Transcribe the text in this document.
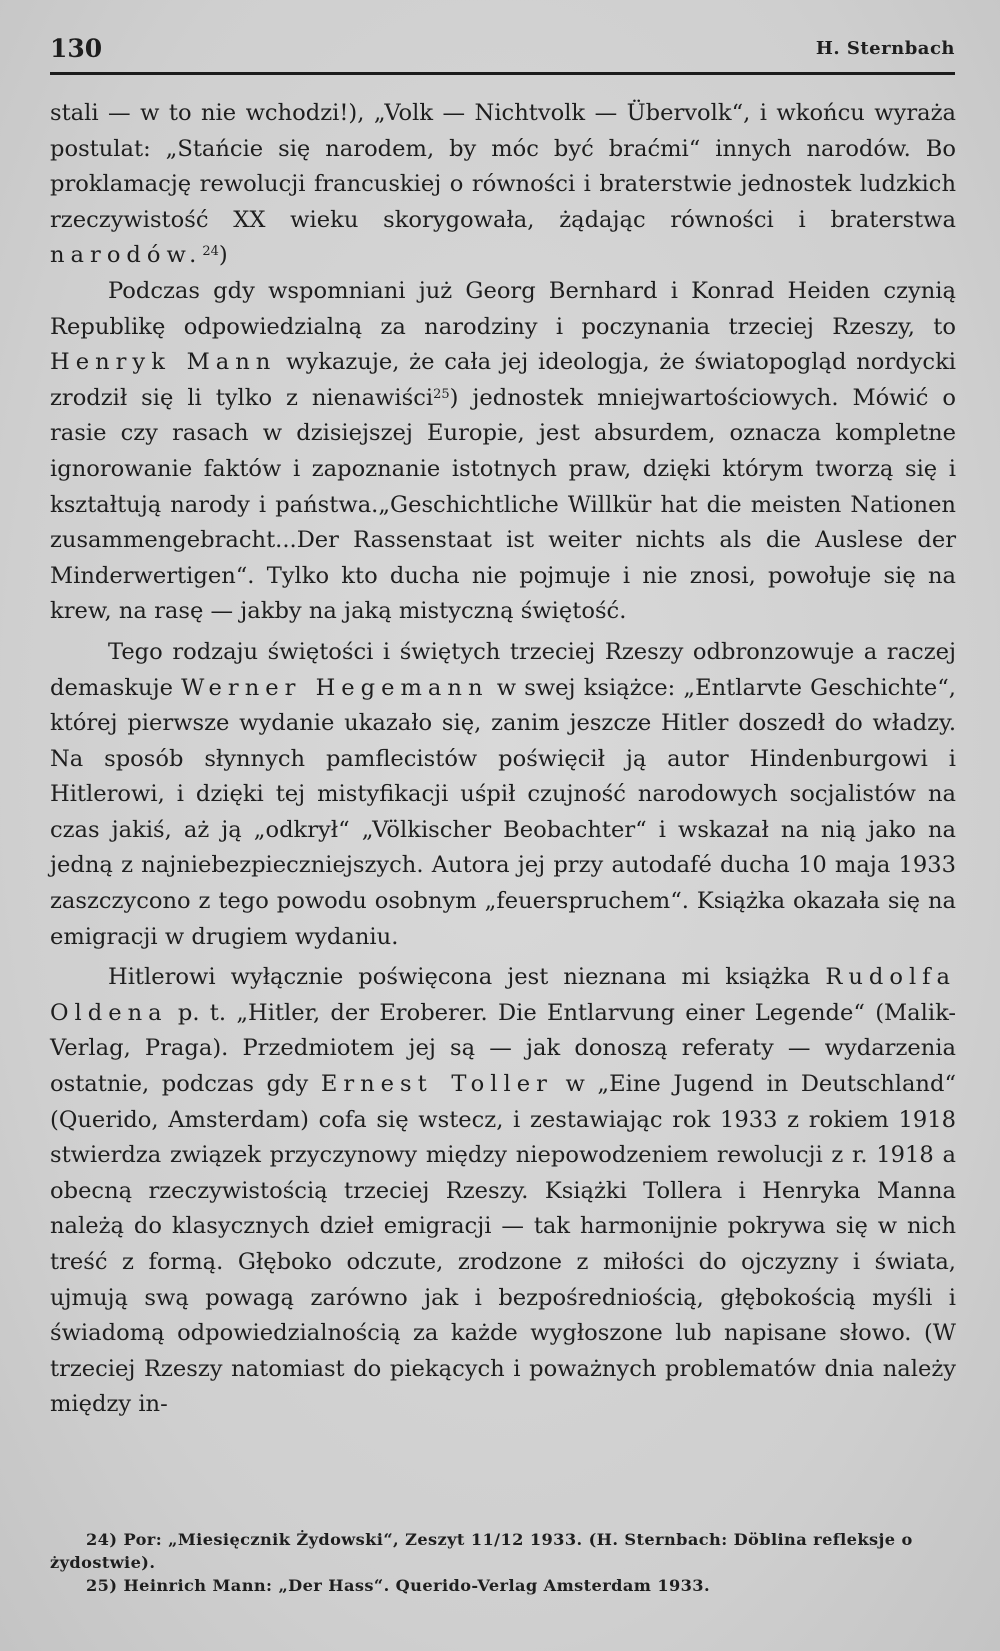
130	H. Sternbach

stali — w to nie wchodzi!), „Volk — Nichtvolk — Übervolk“, i wkońcu wyraża postulat: „Stańcie się narodem, by móc być braćmi“ innych narodów. Bo proklamację rewolucji francuskiej o równości i braterstwie jednostek ludzkich rzeczywistość XX wieku skorygowała, żądając równości i braterstwa narodów.$^{24}$)

Podczas gdy wspomniani już Georg Bernhard i Konrad Heiden czynią Republikę odpowiedzialną za narodziny i poczynania trzeciej Rzeszy, to Henryk Mann wykazuje, że cała jej ideologja, że światopogląd nordycki zrodził się li tylko z nienawiści$^{25}$) jednostek mniejwartościowych. Mówić o rasie czy rasach w dzisiejszej Europie, jest absurdem, oznacza kompletne ignorowanie faktów i zapoznanie istotnych praw, dzięki którym tworzą się i kształtują narody i państwa.„Geschichtliche Willkür hat die meisten Nationen zusammengebracht...Der Rassenstaat ist weiter nichts als die Auslese der Minderwertigen“. Tylko kto ducha nie pojmuje i nie znosi, powołuje się na krew, na rasę — jakby na jaką mistyczną świętość.

Tego rodzaju świętości i świętych trzeciej Rzeszy odbronzowuje a raczej demaskuje Werner Hegemann w swej książce: „Entlarvte Geschichte“, której pierwsze wydanie ukazało się, zanim jeszcze Hitler doszedł do władzy. Na sposób słynnych pamflecistów poświęcił ją autor Hindenburgowi i Hitlerowi, i dzięki tej mistyfikacji uśpił czujność narodowych socjalistów na czas jakiś, aż ją „odkrył“ „Völkischer Beobachter“ i wskazał na nią jako na jedną z najniebezpieczniejszych. Autora jej przy autodafé ducha 10 maja 1933 zaszczycono z tego powodu osobnym „feuerspruchem“. Książka okazała się na emigracji w drugiem wydaniu.

Hitlerowi wyłącznie poświęcona jest nieznana mi książka Rudolfa Oldena p. t. „Hitler, der Eroberer. Die Entlarvung einer Legende“ (Malik-Verlag, Praga). Przedmiotem jej są — jak donoszą referaty — wydarzenia ostatnie, podczas gdy Ernest Toller w „Eine Jugend in Deutschland“ (Querido, Amsterdam) cofa się wstecz, i zestawiając rok 1933 z rokiem 1918 stwierdza związek przyczynowy między niepowodzeniem rewolucji z r. 1918 a obecną rzeczywistością trzeciej Rzeszy. Książki Tollera i Henryka Manna należą do klasycznych dzieł emigracji — tak harmonijnie pokrywa się w nich treść z formą. Głęboko odczute, zrodzone z miłości do ojczyzny i świata, ujmują swą powagą zarówno jak i bezpośredniością, głębokością myśli i świadomą odpowiedzialnością za każde wygłoszone lub napisane słowo. (W trzeciej Rzeszy natomiast do piekących i poważnych problematów dnia należy między in-

24) Por: „Miesięcznik Żydowski“, Zeszyt 11/12 1933. (H. Sternbach: Döblina refleksje o żydostwie).

25) Heinrich Mann: „Der Hass“. Querido-Verlag Amsterdam 1933.
